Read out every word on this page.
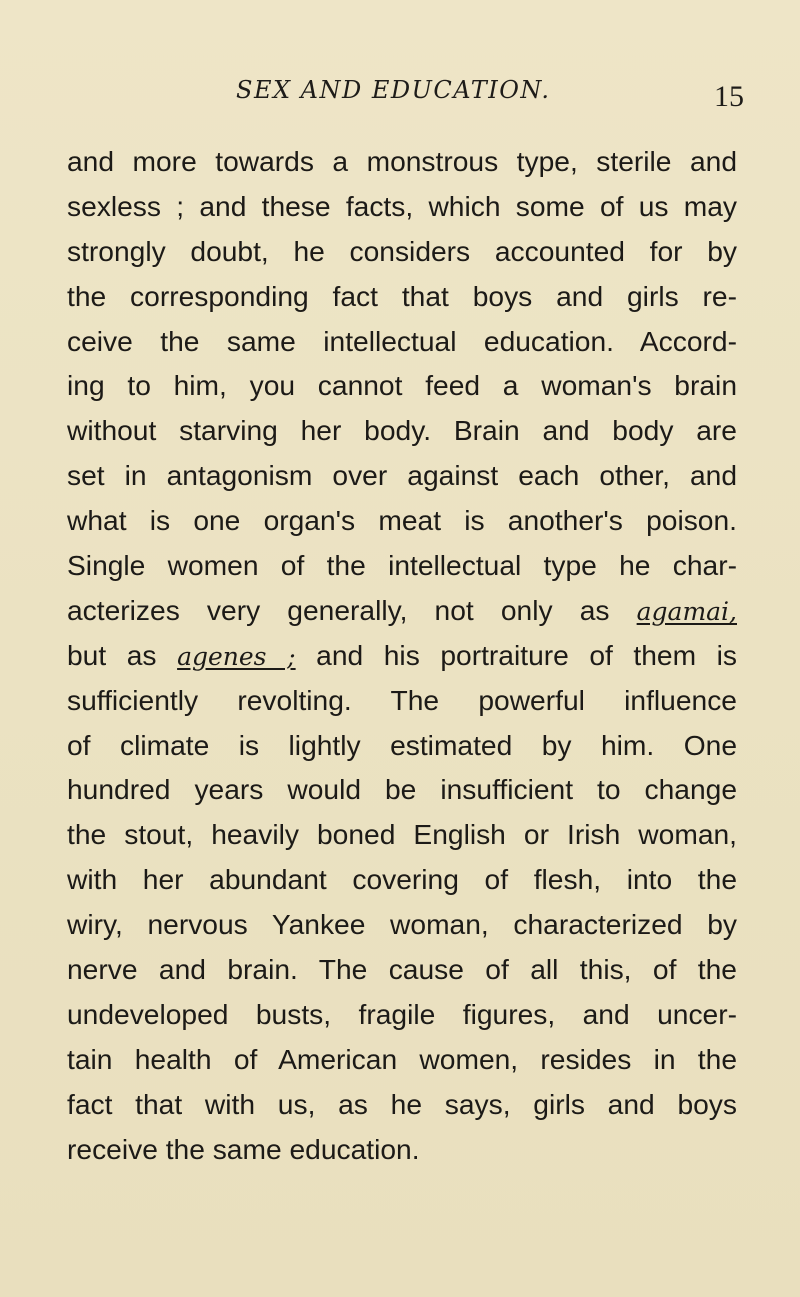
SEX AND EDUCATION.	15
and more towards a monstrous type, sterile and
sexless ; and these facts, which some of us may
strongly doubt, he considers accounted for by
the corresponding fact that boys and girls re-
ceive the same intellectual education. Accord-
ing to him, you cannot feed a woman's brain
without starving her body. Brain and body are
set in antagonism over against each other, and
what is one organ's meat is another's poison.
Single women of the intellectual type he char-
acterizes very generally, not only as agamai,
but as agenes ; and his portraiture of them is
sufficiently revolting. The powerful influence
of climate is lightly estimated by him. One
hundred years would be insufficient to change
the stout, heavily boned English or Irish woman,
with her abundant covering of flesh, into the
wiry, nervous Yankee woman, characterized by
nerve and brain. The cause of all this, of the
undeveloped busts, fragile figures, and uncer-
tain health of American women, resides in the
fact that with us, as he says, girls and boys
receive the same education.
